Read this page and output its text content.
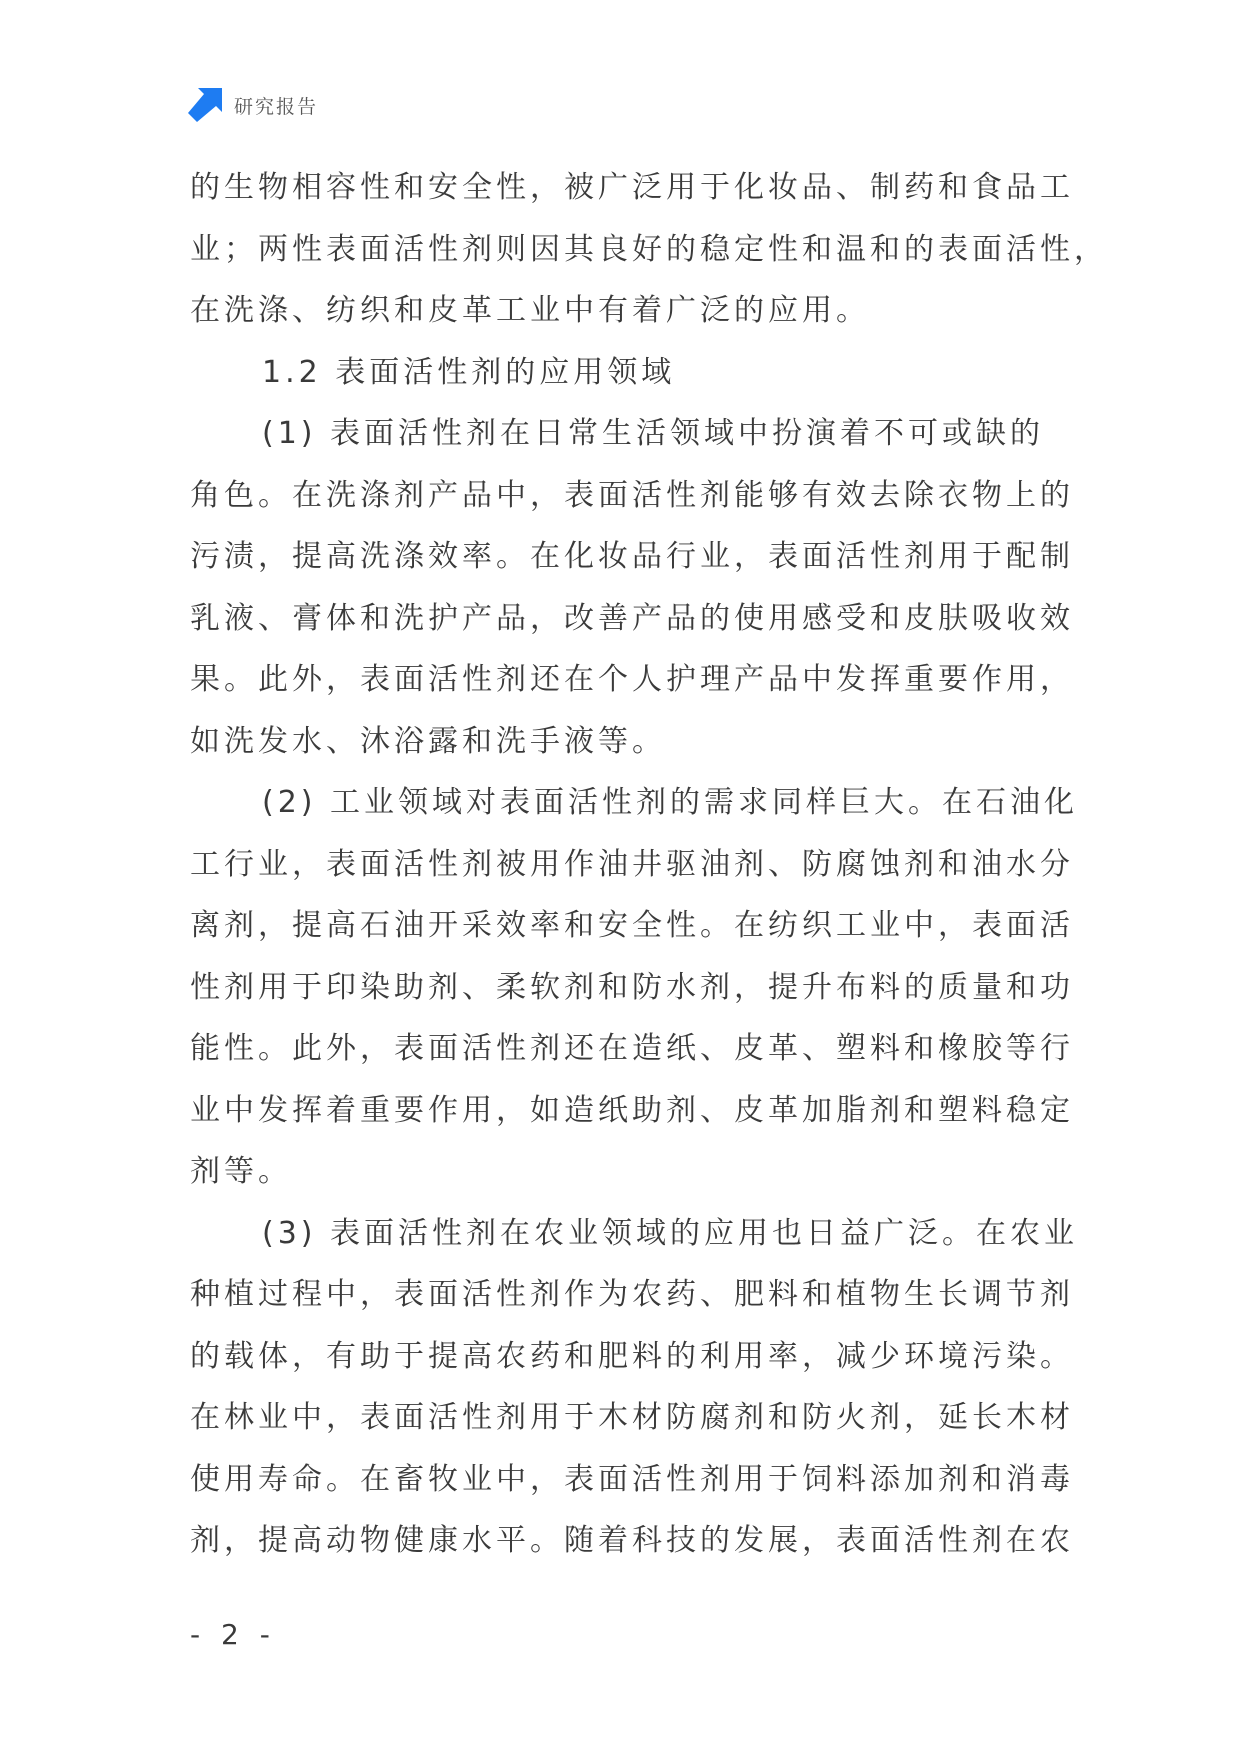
研究报告
的生物相容性和安全性，被广泛用于化妆品、制药和食品工
业；两性表面活性剂则因其良好的稳定性和温和的表面活性，
在洗涤、纺织和皮革工业中有着广泛的应用。
1.2 表面活性剂的应用领域
(1) 表面活性剂在日常生活领域中扮演着不可或缺的
角色。在洗涤剂产品中，表面活性剂能够有效去除衣物上的
污渍，提高洗涤效率。在化妆品行业，表面活性剂用于配制
乳液、膏体和洗护产品，改善产品的使用感受和皮肤吸收效
果。此外，表面活性剂还在个人护理产品中发挥重要作用，
如洗发水、沐浴露和洗手液等。
(2) 工业领域对表面活性剂的需求同样巨大。在石油化
工行业，表面活性剂被用作油井驱油剂、防腐蚀剂和油水分
离剂，提高石油开采效率和安全性。在纺织工业中，表面活
性剂用于印染助剂、柔软剂和防水剂，提升布料的质量和功
能性。此外，表面活性剂还在造纸、皮革、塑料和橡胶等行
业中发挥着重要作用，如造纸助剂、皮革加脂剂和塑料稳定
剂等。
(3) 表面活性剂在农业领域的应用也日益广泛。在农业
种植过程中，表面活性剂作为农药、肥料和植物生长调节剂
的载体，有助于提高农药和肥料的利用率，减少环境污染。
在林业中，表面活性剂用于木材防腐剂和防火剂，延长木材
使用寿命。在畜牧业中，表面活性剂用于饲料添加剂和消毒
剂，提高动物健康水平。随着科技的发展，表面活性剂在农
- 2 -
